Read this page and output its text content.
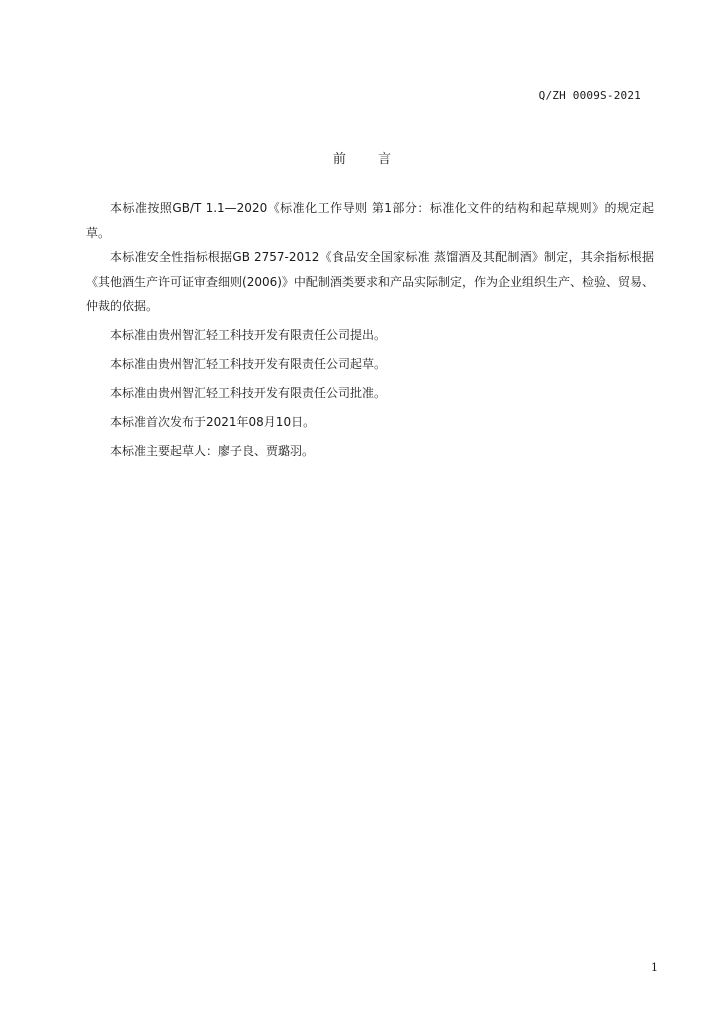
Q/ZH 0009S-2021
前 言

本标准按照GB/T 1.1—2020《标准化工作导则 第1部分：标准化文件的结构和起草规则》的规定起草。

本标准安全性指标根据GB 2757-2012《食品安全国家标准 蒸馏酒及其配制酒》制定，其余指标根据《其他酒生产许可证审查细则(2006)》中配制酒类要求和产品实际制定，作为企业组织生产、检验、贸易、仲裁的依据。

本标准由贵州智汇轻工科技开发有限责任公司提出。

本标准由贵州智汇轻工科技开发有限责任公司起草。

本标准由贵州智汇轻工科技开发有限责任公司批准。

本标准首次发布于2021年08月10日。

本标准主要起草人：廖子良、贾璐羽。

1
